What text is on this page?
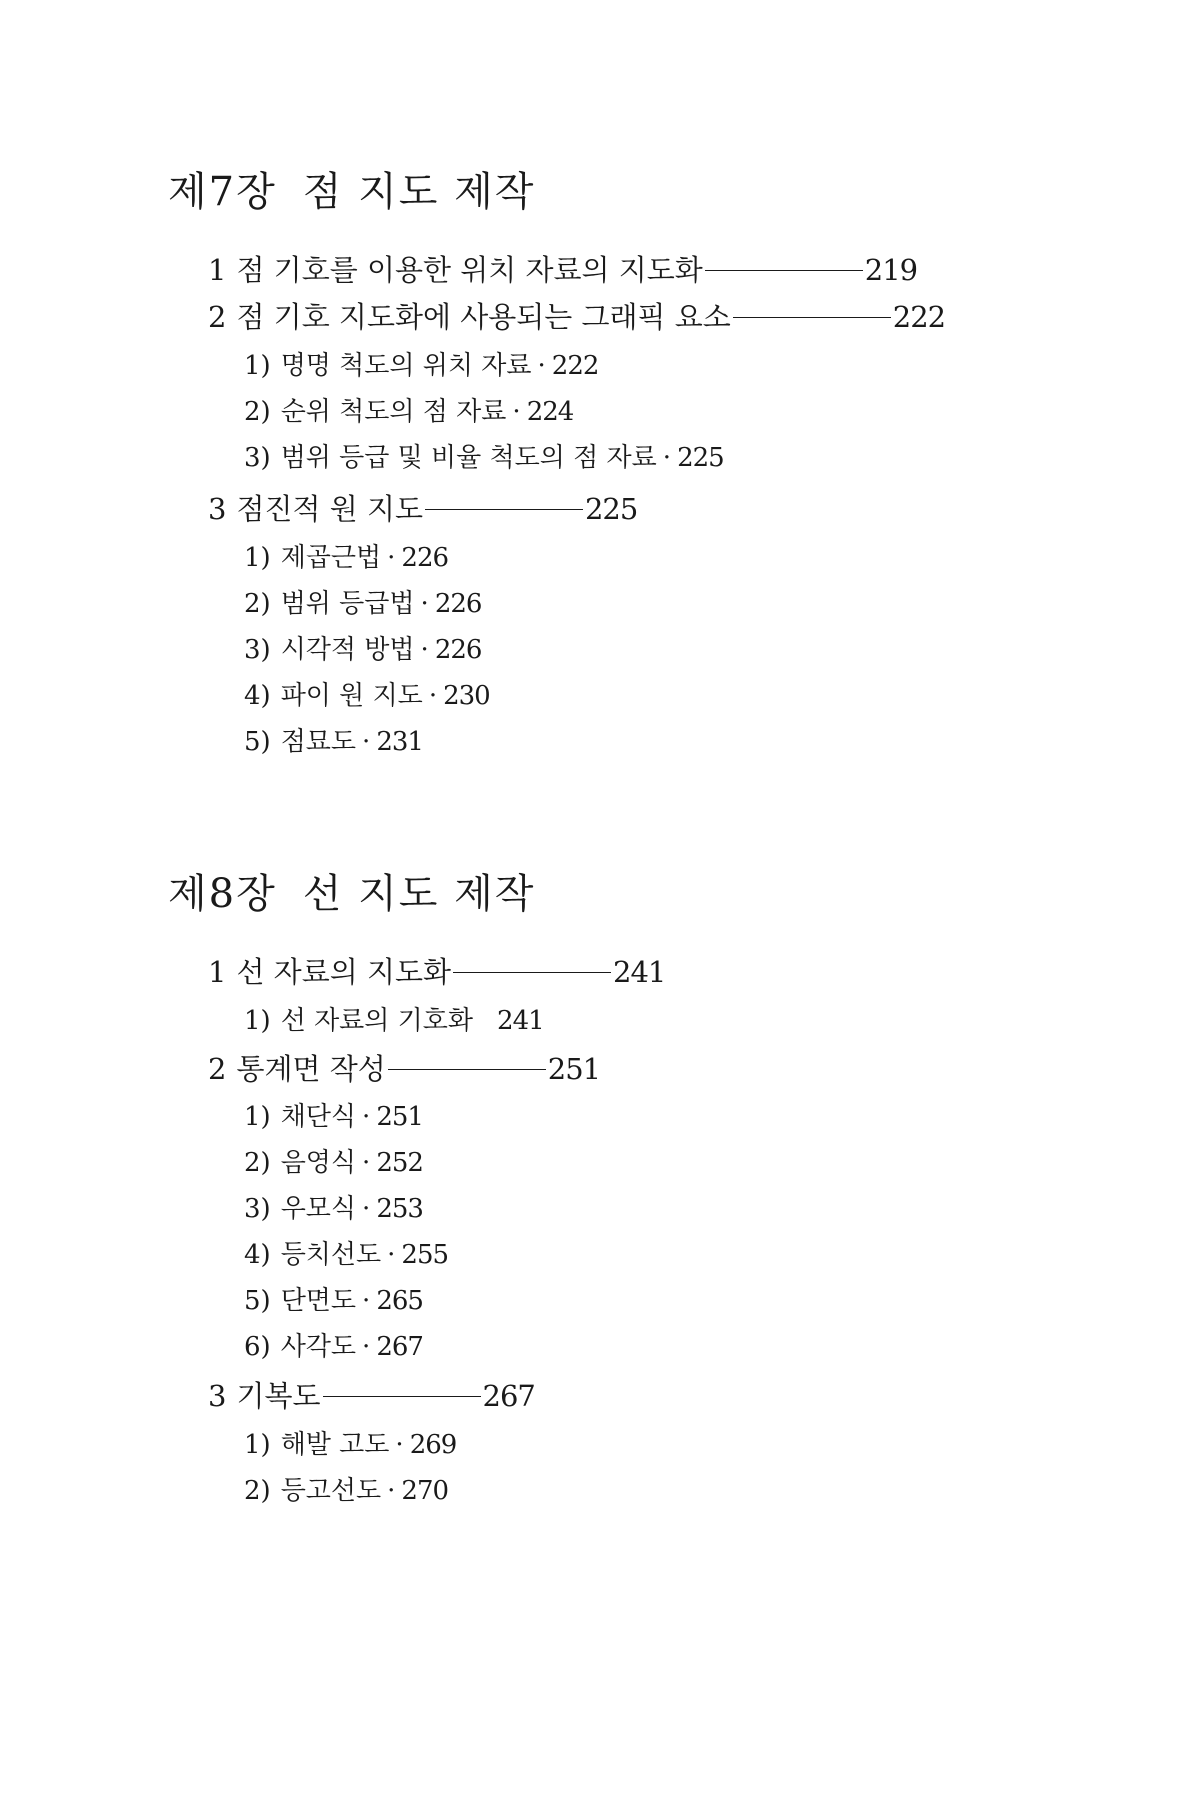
제7장 점 지도 제작
1 점 기호를 이용한 위치 자료의 지도화	219
2 점 기호 지도화에 사용되는 그래픽 요소	222
1) 명명 척도의 위치 자료 · 222
2) 순위 척도의 점 자료 · 224
3) 범위 등급 및 비율 척도의 점 자료 · 225
3 점진적 원 지도	225
1) 제곱근법 · 226
2) 범위 등급법 · 226
3) 시각적 방법 · 226
4) 파이 원 지도 · 230
5) 점묘도 · 231
제8장 선 지도 제작
1 선 자료의 지도화	241
1) 선 자료의 기호화 241
2 통계면 작성	251
1) 채단식 · 251
2) 음영식 · 252
3) 우모식 · 253
4) 등치선도 · 255
5) 단면도 · 265
6) 사각도 · 267
3 기복도	267
1) 해발 고도 · 269
2) 등고선도 · 270
